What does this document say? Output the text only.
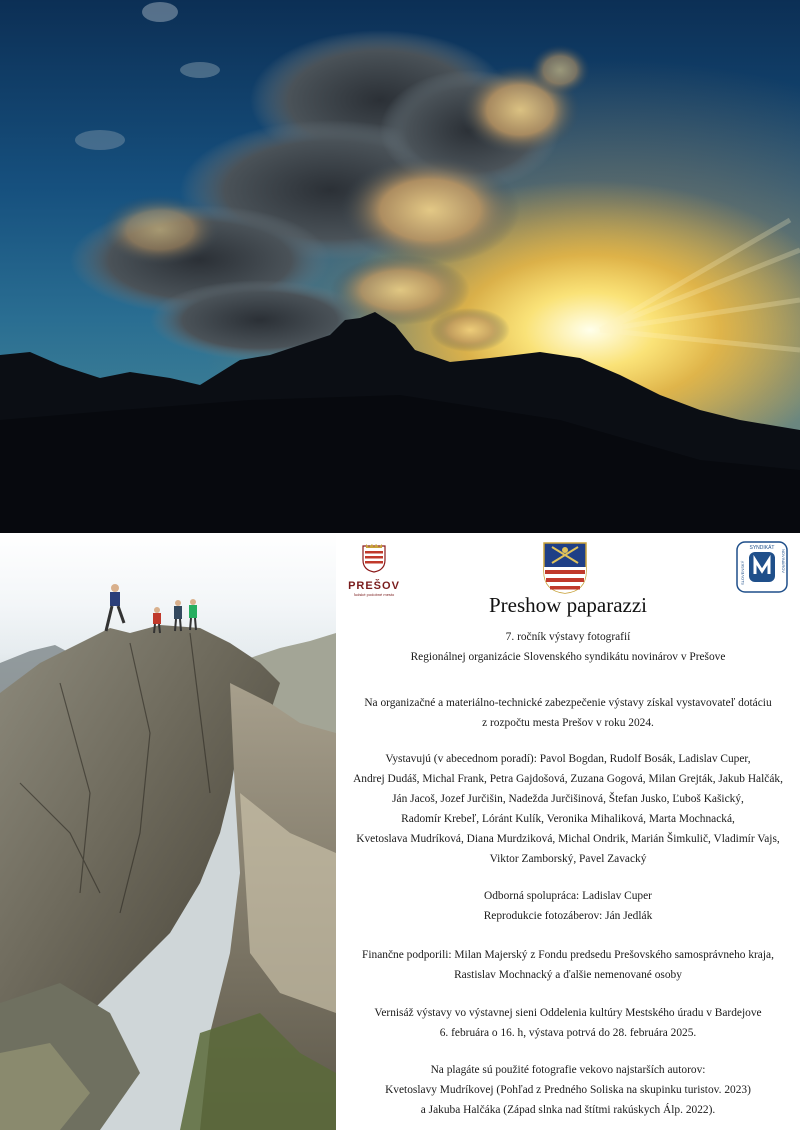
PREŠOV
ľudské podobné mesto
SYNDIKÁT
SLOVENSKÝ	NOVINÁROV
Preshow paparazzi
7. ročník výstavy fotografií
Regionálnej organizácie Slovenského syndikátu novinárov v Prešove
Na organizačné a materiálno-technické zabezpečenie výstavy získal vystavovateľ dotáciu
z rozpočtu mesta Prešov v roku 2024.
Vystavujú (v abecednom poradí): Pavol Bogdan, Rudolf Bosák, Ladislav Cuper,
Andrej Dudáš, Michal Frank, Petra Gajdošová, Zuzana Gogová, Milan Grejták, Jakub Halčák,
Ján Jacoš, Jozef Jurčišin, Nadežda Jurčišinová, Štefan Jusko, Ľuboš Kašický,
Radomír Krebeľ, Lóránt Kulík, Veronika Mihaliková, Marta Mochnacká,
Kvetoslava Mudríková, Diana Murdziková, Michal Ondrik, Marián Šimkulič, Vladimír Vajs,
Viktor Zamborský, Pavel Zavacký
Odborná spolupráca: Ladislav Cuper
Reprodukcie fotozáberov: Ján Jedlák
Finančne podporili: Milan Majerský z Fondu predsedu Prešovského samosprávneho kraja,
Rastislav Mochnacký a ďalšie nemenované osoby
Vernisáž výstavy vo výstavnej sieni Oddelenia kultúry Mestského úradu v Bardejove
6. februára o 16. h, výstava potrvá do 28. februára 2025.
Na plagáte sú použité fotografie vekovo najstarších autorov:
Kvetoslavy Mudríkovej (Pohľad z Predného Soliska na skupinku turistov. 2023)
a Jakuba Halčáka (Západ slnka nad štítmi rakúskych Álp. 2022).
